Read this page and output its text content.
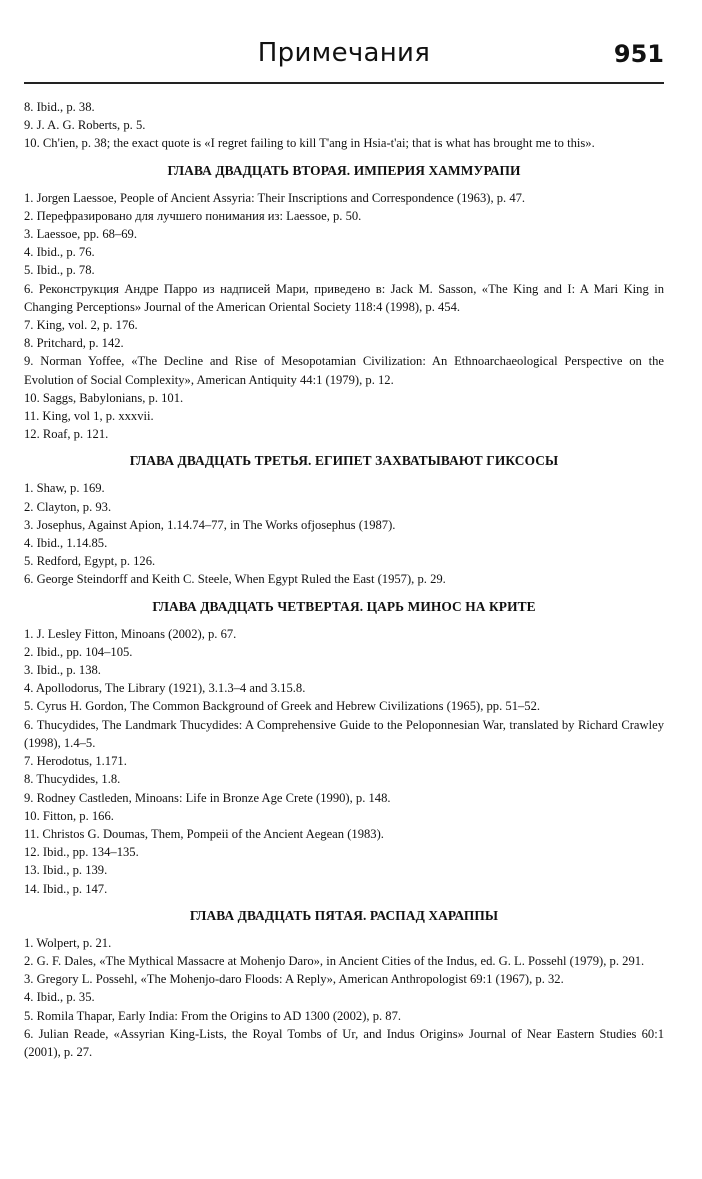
Примечания	951

8. Ibid., p. 38.

9. J. A. G. Roberts, p. 5.

10. Ch'ien, p. 38; the exact quote is «I regret failing to kill T'ang in Hsia-t'ai; that is what has brought me to this».

ГЛАВА ДВАДЦАТЬ ВТОРАЯ. ИМПЕРИЯ ХАММУРАПИ

1. Jorgen Laessoe, People of Ancient Assyria: Their Inscriptions and Correspondence (1963), p. 47.

2. Перефразировано для лучшего понимания из: Laessoe, p. 50.

3. Laessoe, pp. 68–69.

4. Ibid., p. 76.

5. Ibid., p. 78.

6. Реконструкция Андре Парро из надписей Мари, приведено в: Jack M. Sasson, «The King and I: A Mari King in Changing Perceptions» Journal of the American Oriental Society 118:4 (1998), p. 454.

7. King, vol. 2, p. 176.

8. Pritchard, p. 142.

9. Norman Yoffee, «The Decline and Rise of Mesopotamian Civilization: An Ethnoarchaeological Perspective on the Evolution of Social Complexity», American Antiquity 44:1 (1979), p. 12.

10. Saggs, Babylonians, p. 101.

11. King, vol 1, p. xxxvii.

12. Roaf, p. 121.

ГЛАВА ДВАДЦАТЬ ТРЕТЬЯ. ЕГИПЕТ ЗАХВАТЫВАЮТ ГИКСОСЫ

1. Shaw, p. 169.

2. Clayton, p. 93.

3. Josephus, Against Apion, 1.14.74–77, in The Works ofjosephus (1987).

4. Ibid., 1.14.85.

5. Redford, Egypt, p. 126.

6. George Steindorff and Keith C. Steele, When Egypt Ruled the East (1957), p. 29.

ГЛАВА ДВАДЦАТЬ ЧЕТВЕРТАЯ. ЦАРЬ МИНОС НА КРИТЕ

1. J. Lesley Fitton, Minoans (2002), p. 67.

2. Ibid., pp. 104–105.

3. Ibid., p. 138.

4. Apollodorus, The Library (1921), 3.1.3–4 and 3.15.8.

5. Cyrus H. Gordon, The Common Background of Greek and Hebrew Civilizations (1965), pp. 51–52.

6. Thucydides, The Landmark Thucydides: A Comprehensive Guide to the Peloponnesian War, translated by Richard Crawley (1998), 1.4–5.

7. Herodotus, 1.171.

8. Thucydides, 1.8.

9. Rodney Castleden, Minoans: Life in Bronze Age Crete (1990), p. 148.

10. Fitton, p. 166.

11. Christos G. Doumas, Them, Pompeii of the Ancient Aegean (1983).

12. Ibid., pp. 134–135.

13. Ibid., p. 139.

14. Ibid., p. 147.

ГЛАВА ДВАДЦАТЬ ПЯТАЯ. РАСПАД ХАРАППЫ

1. Wolpert, p. 21.

2. G. F. Dales, «The Mythical Massacre at Mohenjo Daro», in Ancient Cities of the Indus, ed. G. L. Possehl (1979), p. 291.

3. Gregory L. Possehl, «The Mohenjo-daro Floods: A Reply», American Anthropologist 69:1 (1967), p. 32.

4. Ibid., p. 35.

5. Romila Thapar, Early India: From the Origins to AD 1300 (2002), p. 87.

6. Julian Reade, «Assyrian King-Lists, the Royal Tombs of Ur, and Indus Origins» Journal of Near Eastern Studies 60:1 (2001), p. 27.
